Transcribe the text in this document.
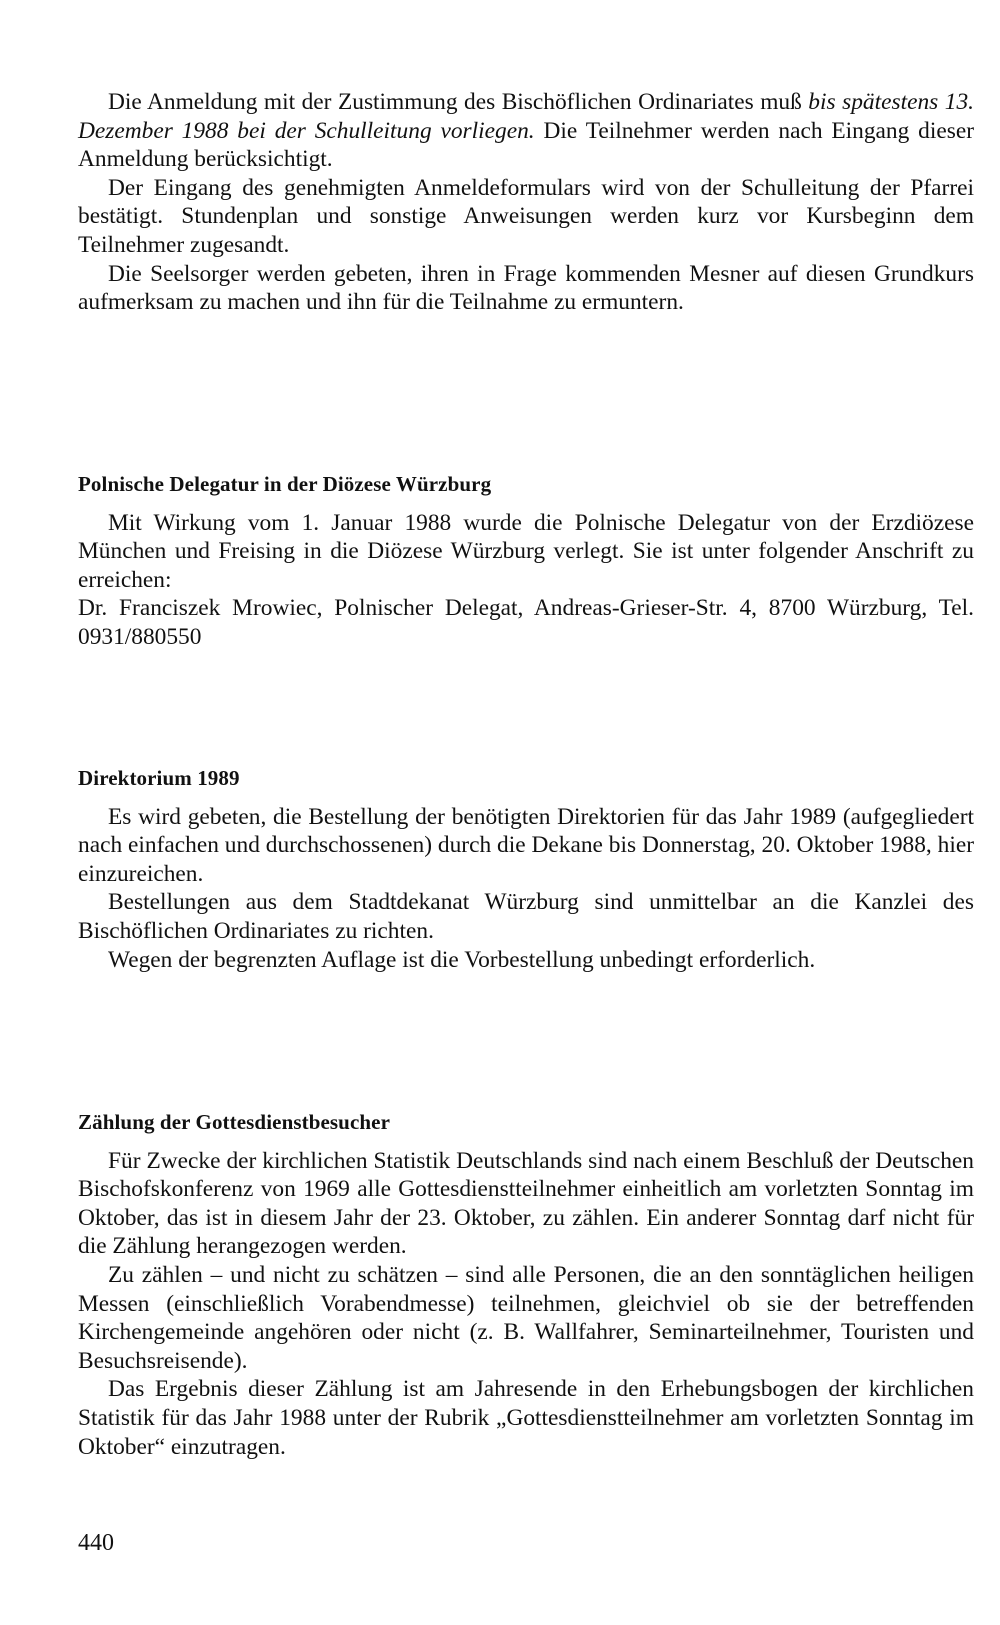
Die Anmeldung mit der Zustimmung des Bischöflichen Ordinariates muß bis spätestens 13. Dezember 1988 bei der Schulleitung vorliegen. Die Teilnehmer werden nach Eingang dieser Anmeldung berücksichtigt.

Der Eingang des genehmigten Anmeldeformulars wird von der Schulleitung der Pfarrei bestätigt. Stundenplan und sonstige Anweisungen werden kurz vor Kursbeginn dem Teilnehmer zugesandt.

Die Seelsorger werden gebeten, ihren in Frage kommenden Mesner auf diesen Grundkurs aufmerksam zu machen und ihn für die Teilnahme zu ermuntern.

Polnische Delegatur in der Diözese Würzburg

Mit Wirkung vom 1. Januar 1988 wurde die Polnische Delegatur von der Erzdiözese München und Freising in die Diözese Würzburg verlegt. Sie ist unter folgender Anschrift zu erreichen:

Dr. Franciszek Mrowiec, Polnischer Delegat, Andreas-Grieser-Str. 4, 8700 Würzburg, Tel. 0931/880550

Direktorium 1989

Es wird gebeten, die Bestellung der benötigten Direktorien für das Jahr 1989 (aufgegliedert nach einfachen und durchschossenen) durch die Dekane bis Donnerstag, 20. Oktober 1988, hier einzureichen.

Bestellungen aus dem Stadtdekanat Würzburg sind unmittelbar an die Kanzlei des Bischöflichen Ordinariates zu richten.

Wegen der begrenzten Auflage ist die Vorbestellung unbedingt erforderlich.

Zählung der Gottesdienstbesucher

Für Zwecke der kirchlichen Statistik Deutschlands sind nach einem Beschluß der Deutschen Bischofskonferenz von 1969 alle Gottesdienstteilnehmer einheitlich am vorletzten Sonntag im Oktober, das ist in diesem Jahr der 23. Oktober, zu zählen. Ein anderer Sonntag darf nicht für die Zählung herangezogen werden.

Zu zählen – und nicht zu schätzen – sind alle Personen, die an den sonntäglichen heiligen Messen (einschließlich Vorabendmesse) teilnehmen, gleichviel ob sie der betreffenden Kirchengemeinde angehören oder nicht (z. B. Wallfahrer, Seminarteilnehmer, Touristen und Besuchsreisende).

Das Ergebnis dieser Zählung ist am Jahresende in den Erhebungsbogen der kirchlichen Statistik für das Jahr 1988 unter der Rubrik „Gottesdienstteilnehmer am vorletzten Sonntag im Oktober“ einzutragen.

440
